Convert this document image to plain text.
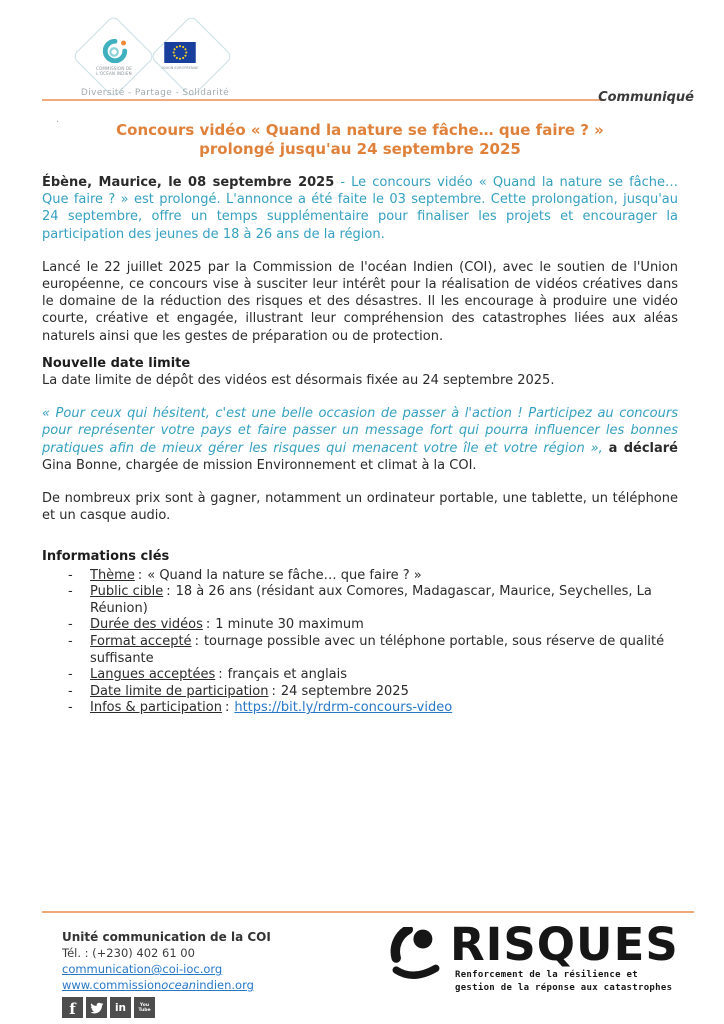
COMMISSION DE
L'OCÉAN INDIEN
UNION EUROPÉENNE
Diversité - Partage - Solidarité	Communiqué
.
Concours vidéo « Quand la nature se fâche… que faire ? »
prolongé jusqu'au 24 septembre 2025

Ébène, Maurice, le 08 septembre 2025 - Le concours vidéo « Quand la nature se fâche… Que faire ? » est prolongé. L'annonce a été faite le 03 septembre. Cette prolongation, jusqu'au 24 septembre, offre un temps supplémentaire pour finaliser les projets et encourager la participation des jeunes de 18 à 26 ans de la région.

Lancé le 22 juillet 2025 par la Commission de l'océan Indien (COI), avec le soutien de l'Union européenne, ce concours vise à susciter leur intérêt pour la réalisation de vidéos créatives dans le domaine de la réduction des risques et des désastres. Il les encourage à produire une vidéo courte, créative et engagée, illustrant leur compréhension des catastrophes liées aux aléas naturels ainsi que les gestes de préparation ou de protection.

Nouvelle date limite

La date limite de dépôt des vidéos est désormais fixée au 24 septembre 2025.

« Pour ceux qui hésitent, c'est une belle occasion de passer à l'action ! Participez au concours pour représenter votre pays et faire passer un message fort qui pourra influencer les bonnes pratiques afin de mieux gérer les risques qui menacent votre île et votre région », a déclaré Gina Bonne, chargée de mission Environnement et climat à la COI.

De nombreux prix sont à gagner, notamment un ordinateur portable, une tablette, un téléphone et un casque audio.

Informations clés
-	Thème : « Quand la nature se fâche… que faire ? »
-	Public cible : 18 à 26 ans (résidant aux Comores, Madagascar, Maurice, Seychelles, La Réunion)
-	Durée des vidéos : 1 minute 30 maximum
-	Format accepté : tournage possible avec un téléphone portable, sous réserve de qualité suffisante
-	Langues acceptées : français et anglais
-	Date limite de participation : 24 septembre 2025
-	Infos & participation : https://bit.ly/rdrm-concours-video
Unité communication de la COI
Tél. : (+230) 402 61 00
communication@coi-ioc.org
www.commissionoceanindien.org
f	in	You
Tube
RISQUES
Renforcement de la résilience et
gestion de la réponse aux catastrophes
